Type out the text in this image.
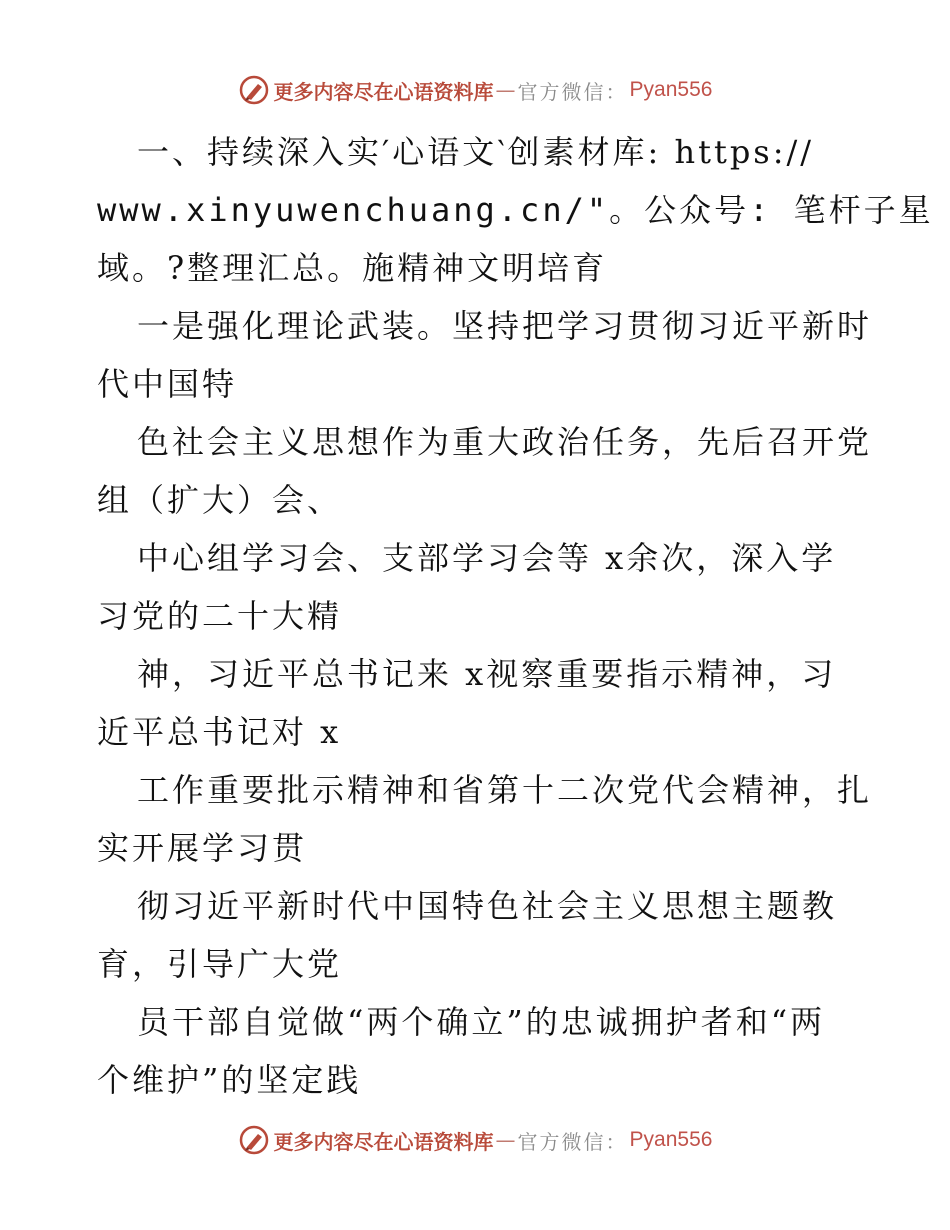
更多内容尽在心语资料库 — 官方微信： Pyan556
一、持续深入实′心语文‵创素材库: https://
www.xinyuwenchuang.cn/"。公众号: 笔杆子星
域。?整理汇总。施精神文明培育
一是强化理论武装。坚持把学习贯彻习近平新时
代中国特
色社会主义思想作为重大政治任务，先后召开党
组（扩大）会、
中心组学习会、支部学习会等 x余次，深入学
习党的二十大精
神，习近平总书记来 x视察重要指示精神，习
近平总书记对 x
工作重要批示精神和省第十二次党代会精神，扎
实开展学习贯
彻习近平新时代中国特色社会主义思想主题教
育，引导广大党
员干部自觉做“两个确立”的忠诚拥护者和“两
个维护”的坚定践
更多内容尽在心语资料库 — 官方微信： Pyan556
